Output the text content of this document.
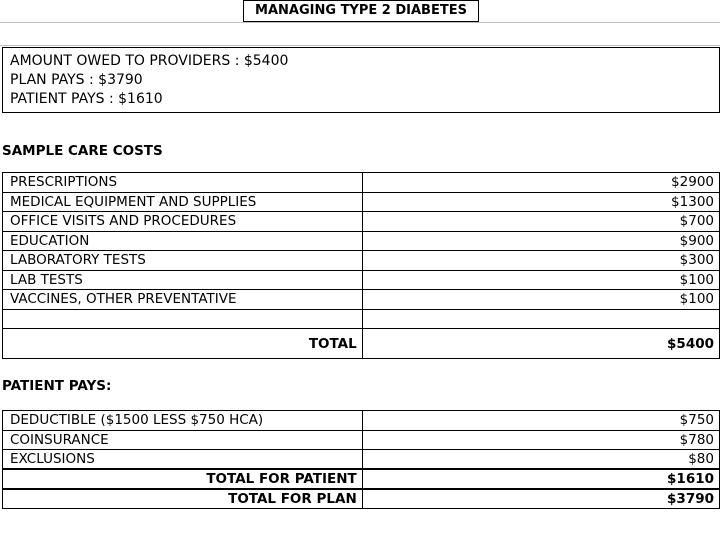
MANAGING TYPE 2 DIABETES
AMOUNT OWED TO PROVIDERS : $5400
PLAN PAYS : $3790
PATIENT PAYS : $1610
SAMPLE CARE COSTS
PRESCRIPTIONS	$2900
MEDICAL EQUIPMENT AND SUPPLIES	$1300
OFFICE VISITS AND PROCEDURES	$700
EDUCATION	$900
LABORATORY TESTS	$300
LAB TESTS	$100
VACCINES, OTHER PREVENTATIVE	$100

TOTAL	$5400
PATIENT PAYS:
DEDUCTIBLE ($1500 LESS $750 HCA)	$750
COINSURANCE	$780
EXCLUSIONS	$80
TOTAL FOR PATIENT	$1610
TOTAL FOR PLAN	$3790
